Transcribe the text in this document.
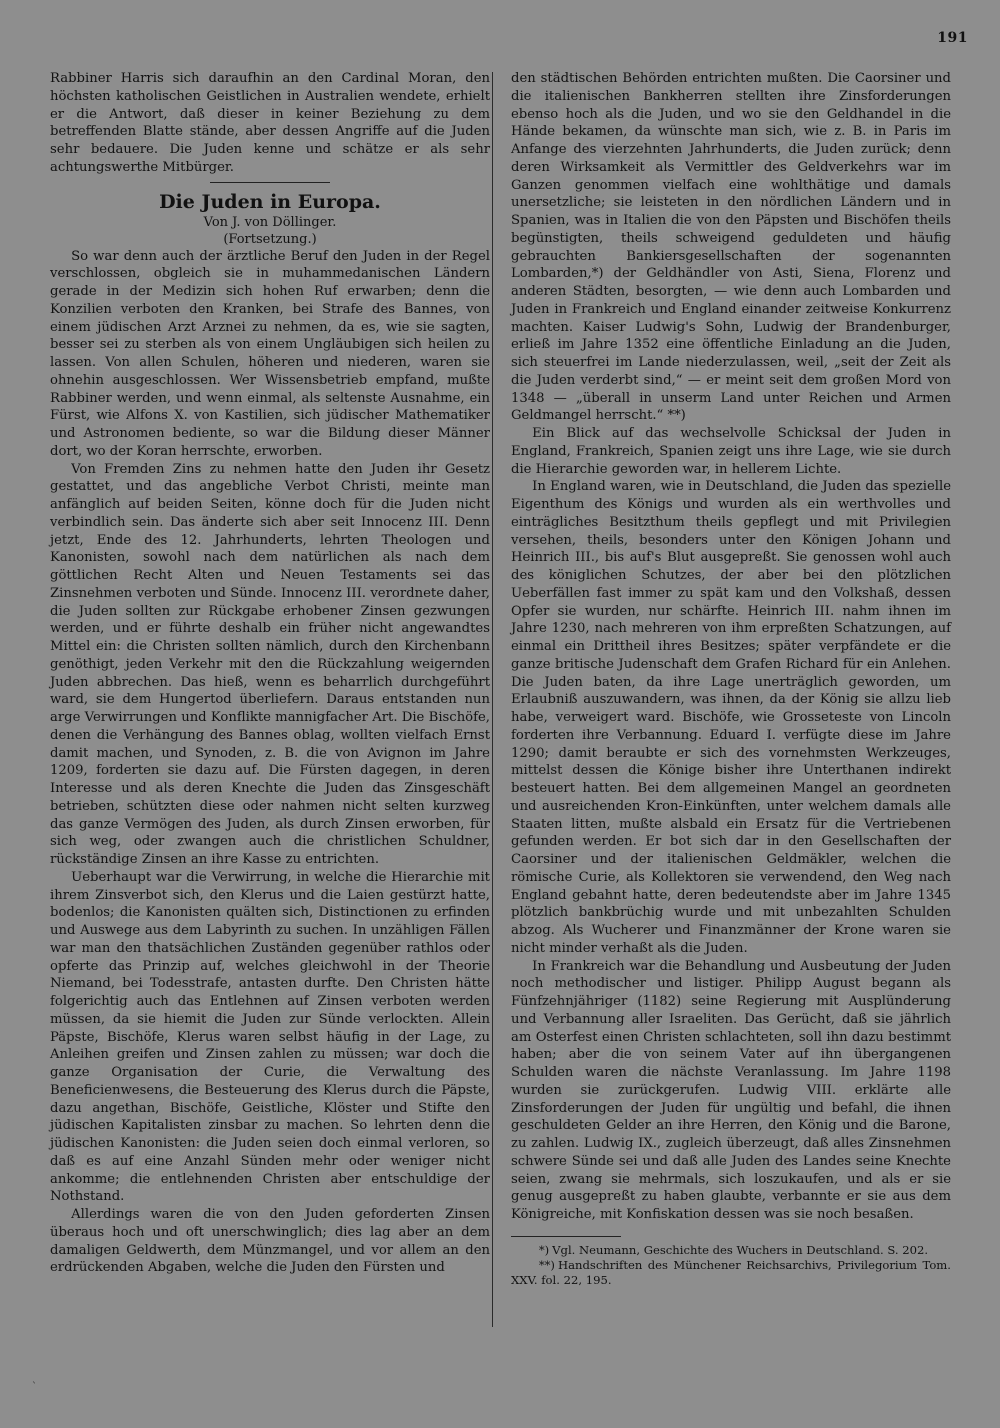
191

Rabbiner Harris sich daraufhin an den Cardinal Moran, den höchsten katholischen Geistlichen in Australien wendete, erhielt er die Antwort, daß dieser in keiner Beziehung zu dem betreffenden Blatte stände, aber dessen Angriffe auf die Juden sehr bedauere. Die Juden kenne und schätze er als sehr achtungswerthe Mitbürger.

Die Juden in Europa.
Von J. von Döllinger.
(Fortsetzung.)

So war denn auch der ärztliche Beruf den Juden in der Regel verschlossen, obgleich sie in muhammedanischen Ländern gerade in der Medizin sich hohen Ruf erwarben; denn die Konzilien verboten den Kranken, bei Strafe des Bannes, von einem jüdischen Arzt Arznei zu nehmen, da es, wie sie sagten, besser sei zu sterben als von einem Ungläubigen sich heilen zu lassen. Von allen Schulen, höheren und niederen, waren sie ohnehin ausgeschlossen. Wer Wissensbetrieb empfand, mußte Rabbiner werden, und wenn einmal, als seltenste Ausnahme, ein Fürst, wie Alfons X. von Kastilien, sich jüdischer Mathematiker und Astronomen bediente, so war die Bildung dieser Männer dort, wo der Koran herrschte, erworben.

Von Fremden Zins zu nehmen hatte den Juden ihr Gesetz gestattet, und das angebliche Verbot Christi, meinte man anfänglich auf beiden Seiten, könne doch für die Juden nicht verbindlich sein. Das änderte sich aber seit Innocenz III. Denn jetzt, Ende des 12. Jahrhunderts, lehrten Theologen und Kanonisten, sowohl nach dem natürlichen als nach dem göttlichen Recht Alten und Neuen Testaments sei das Zinsnehmen verboten und Sünde. Innocenz III. verordnete daher, die Juden sollten zur Rückgabe erhobener Zinsen gezwungen werden, und er führte deshalb ein früher nicht angewandtes Mittel ein: die Christen sollten nämlich, durch den Kirchenbann genöthigt, jeden Verkehr mit den die Rückzahlung weigernden Juden abbrechen. Das hieß, wenn es beharrlich durchgeführt ward, sie dem Hungertod überliefern. Daraus entstanden nun arge Verwirrungen und Konflikte mannigfacher Art. Die Bischöfe, denen die Verhängung des Bannes oblag, wollten vielfach Ernst damit machen, und Synoden, z. B. die von Avignon im Jahre 1209, forderten sie dazu auf. Die Fürsten dagegen, in deren Interesse und als deren Knechte die Juden das Zinsgeschäft betrieben, schützten diese oder nahmen nicht selten kurzweg das ganze Vermögen des Juden, als durch Zinsen erworben, für sich weg, oder zwangen auch die christlichen Schuldner, rückständige Zinsen an ihre Kasse zu entrichten.

Ueberhaupt war die Verwirrung, in welche die Hierarchie mit ihrem Zinsverbot sich, den Klerus und die Laien gestürzt hatte, bodenlos; die Kanonisten quälten sich, Distinctionen zu erfinden und Auswege aus dem Labyrinth zu suchen. In unzähligen Fällen war man den thatsächlichen Zuständen gegenüber rathlos oder opferte das Prinzip auf, welches gleichwohl in der Theorie Niemand, bei Todesstrafe, antasten durfte. Den Christen hätte folgerichtig auch das Entlehnen auf Zinsen verboten werden müssen, da sie hiemit die Juden zur Sünde verlockten. Allein Päpste, Bischöfe, Klerus waren selbst häufig in der Lage, zu Anleihen greifen und Zinsen zahlen zu müssen; war doch die ganze Organisation der Curie, die Verwaltung des Beneficienwesens, die Besteuerung des Klerus durch die Päpste, dazu angethan, Bischöfe, Geistliche, Klöster und Stifte den jüdischen Kapitalisten zinsbar zu machen. So lehrten denn die jüdischen Kanonisten: die Juden seien doch einmal verloren, so daß es auf eine Anzahl Sünden mehr oder weniger nicht ankomme; die entlehnenden Christen aber entschuldige der Nothstand.

Allerdings waren die von den Juden geforderten Zinsen überaus hoch und oft unerschwinglich; dies lag aber an dem damaligen Geldwerth, dem Münzmangel, und vor allem an den erdrückenden Abgaben, welche die Juden den Fürsten und

den städtischen Behörden entrichten mußten. Die Caorsiner und die italienischen Bankherren stellten ihre Zinsforderungen ebenso hoch als die Juden, und wo sie den Geldhandel in die Hände bekamen, da wünschte man sich, wie z. B. in Paris im Anfange des vierzehnten Jahrhunderts, die Juden zurück; denn deren Wirksamkeit als Vermittler des Geldverkehrs war im Ganzen genommen vielfach eine wohlthätige und damals unersetzliche; sie leisteten in den nördlichen Ländern und in Spanien, was in Italien die von den Päpsten und Bischöfen theils begünstigten, theils schweigend geduldeten und häufig gebrauchten Bankiersgesellschaften der sogenannten Lombarden,*) der Geldhändler von Asti, Siena, Florenz und anderen Städten, besorgten, — wie denn auch Lombarden und Juden in Frankreich und England einander zeitweise Konkurrenz machten. Kaiser Ludwig's Sohn, Ludwig der Brandenburger, erließ im Jahre 1352 eine öffentliche Einladung an die Juden, sich steuerfrei im Lande niederzulassen, weil, „seit der Zeit als die Juden verderbt sind,“ — er meint seit dem großen Mord von 1348 — „überall in unserm Land unter Reichen und Armen Geldmangel herrscht.“ **)

Ein Blick auf das wechselvolle Schicksal der Juden in England, Frankreich, Spanien zeigt uns ihre Lage, wie sie durch die Hierarchie geworden war, in hellerem Lichte.

In England waren, wie in Deutschland, die Juden das spezielle Eigenthum des Königs und wurden als ein werthvolles und einträgliches Besitzthum theils gepflegt und mit Privilegien versehen, theils, besonders unter den Königen Johann und Heinrich III., bis auf's Blut ausgepreßt. Sie genossen wohl auch des königlichen Schutzes, der aber bei den plötzlichen Ueberfällen fast immer zu spät kam und den Volkshaß, dessen Opfer sie wurden, nur schärfte. Heinrich III. nahm ihnen im Jahre 1230, nach mehreren von ihm erpreßten Schatzungen, auf einmal ein Drittheil ihres Besitzes; später verpfändete er die ganze britische Judenschaft dem Grafen Richard für ein Anlehen. Die Juden baten, da ihre Lage unerträglich geworden, um Erlaubniß auszuwandern, was ihnen, da der König sie allzu lieb habe, verweigert ward. Bischöfe, wie Grosseteste von Lincoln forderten ihre Verbannung. Eduard I. verfügte diese im Jahre 1290; damit beraubte er sich des vornehmsten Werkzeuges, mittelst dessen die Könige bisher ihre Unterthanen indirekt besteuert hatten. Bei dem allgemeinen Mangel an geordneten und ausreichenden Kron-Einkünften, unter welchem damals alle Staaten litten, mußte alsbald ein Ersatz für die Vertriebenen gefunden werden. Er bot sich dar in den Gesellschaften der Caorsiner und der italienischen Geldmäkler, welchen die römische Curie, als Kollektoren sie verwendend, den Weg nach England gebahnt hatte, deren bedeutendste aber im Jahre 1345 plötzlich bankbrüchig wurde und mit unbezahlten Schulden abzog. Als Wucherer und Finanzmänner der Krone waren sie nicht minder verhaßt als die Juden.

In Frankreich war die Behandlung und Ausbeutung der Juden noch methodischer und listiger. Philipp August begann als Fünfzehnjähriger (1182) seine Regierung mit Ausplünderung und Verbannung aller Israeliten. Das Gerücht, daß sie jährlich am Osterfest einen Christen schlachteten, soll ihn dazu bestimmt haben; aber die von seinem Vater auf ihn übergangenen Schulden waren die nächste Veranlassung. Im Jahre 1198 wurden sie zurückgerufen. Ludwig VIII. erklärte alle Zinsforderungen der Juden für ungültig und befahl, die ihnen geschuldeten Gelder an ihre Herren, den König und die Barone, zu zahlen. Ludwig IX., zugleich überzeugt, daß alles Zinsnehmen schwere Sünde sei und daß alle Juden des Landes seine Knechte seien, zwang sie mehrmals, sich loszukaufen, und als er sie genug ausgepreßt zu haben glaubte, verbannte er sie aus dem Königreiche, mit Konfiskation dessen was sie noch besaßen.

*) Vgl. Neumann, Geschichte des Wuchers in Deutschland. S. 202.

**) Handschriften des Münchener Reichsarchivs, Privilegorium Tom. XXV. fol. 22, 195.

`
